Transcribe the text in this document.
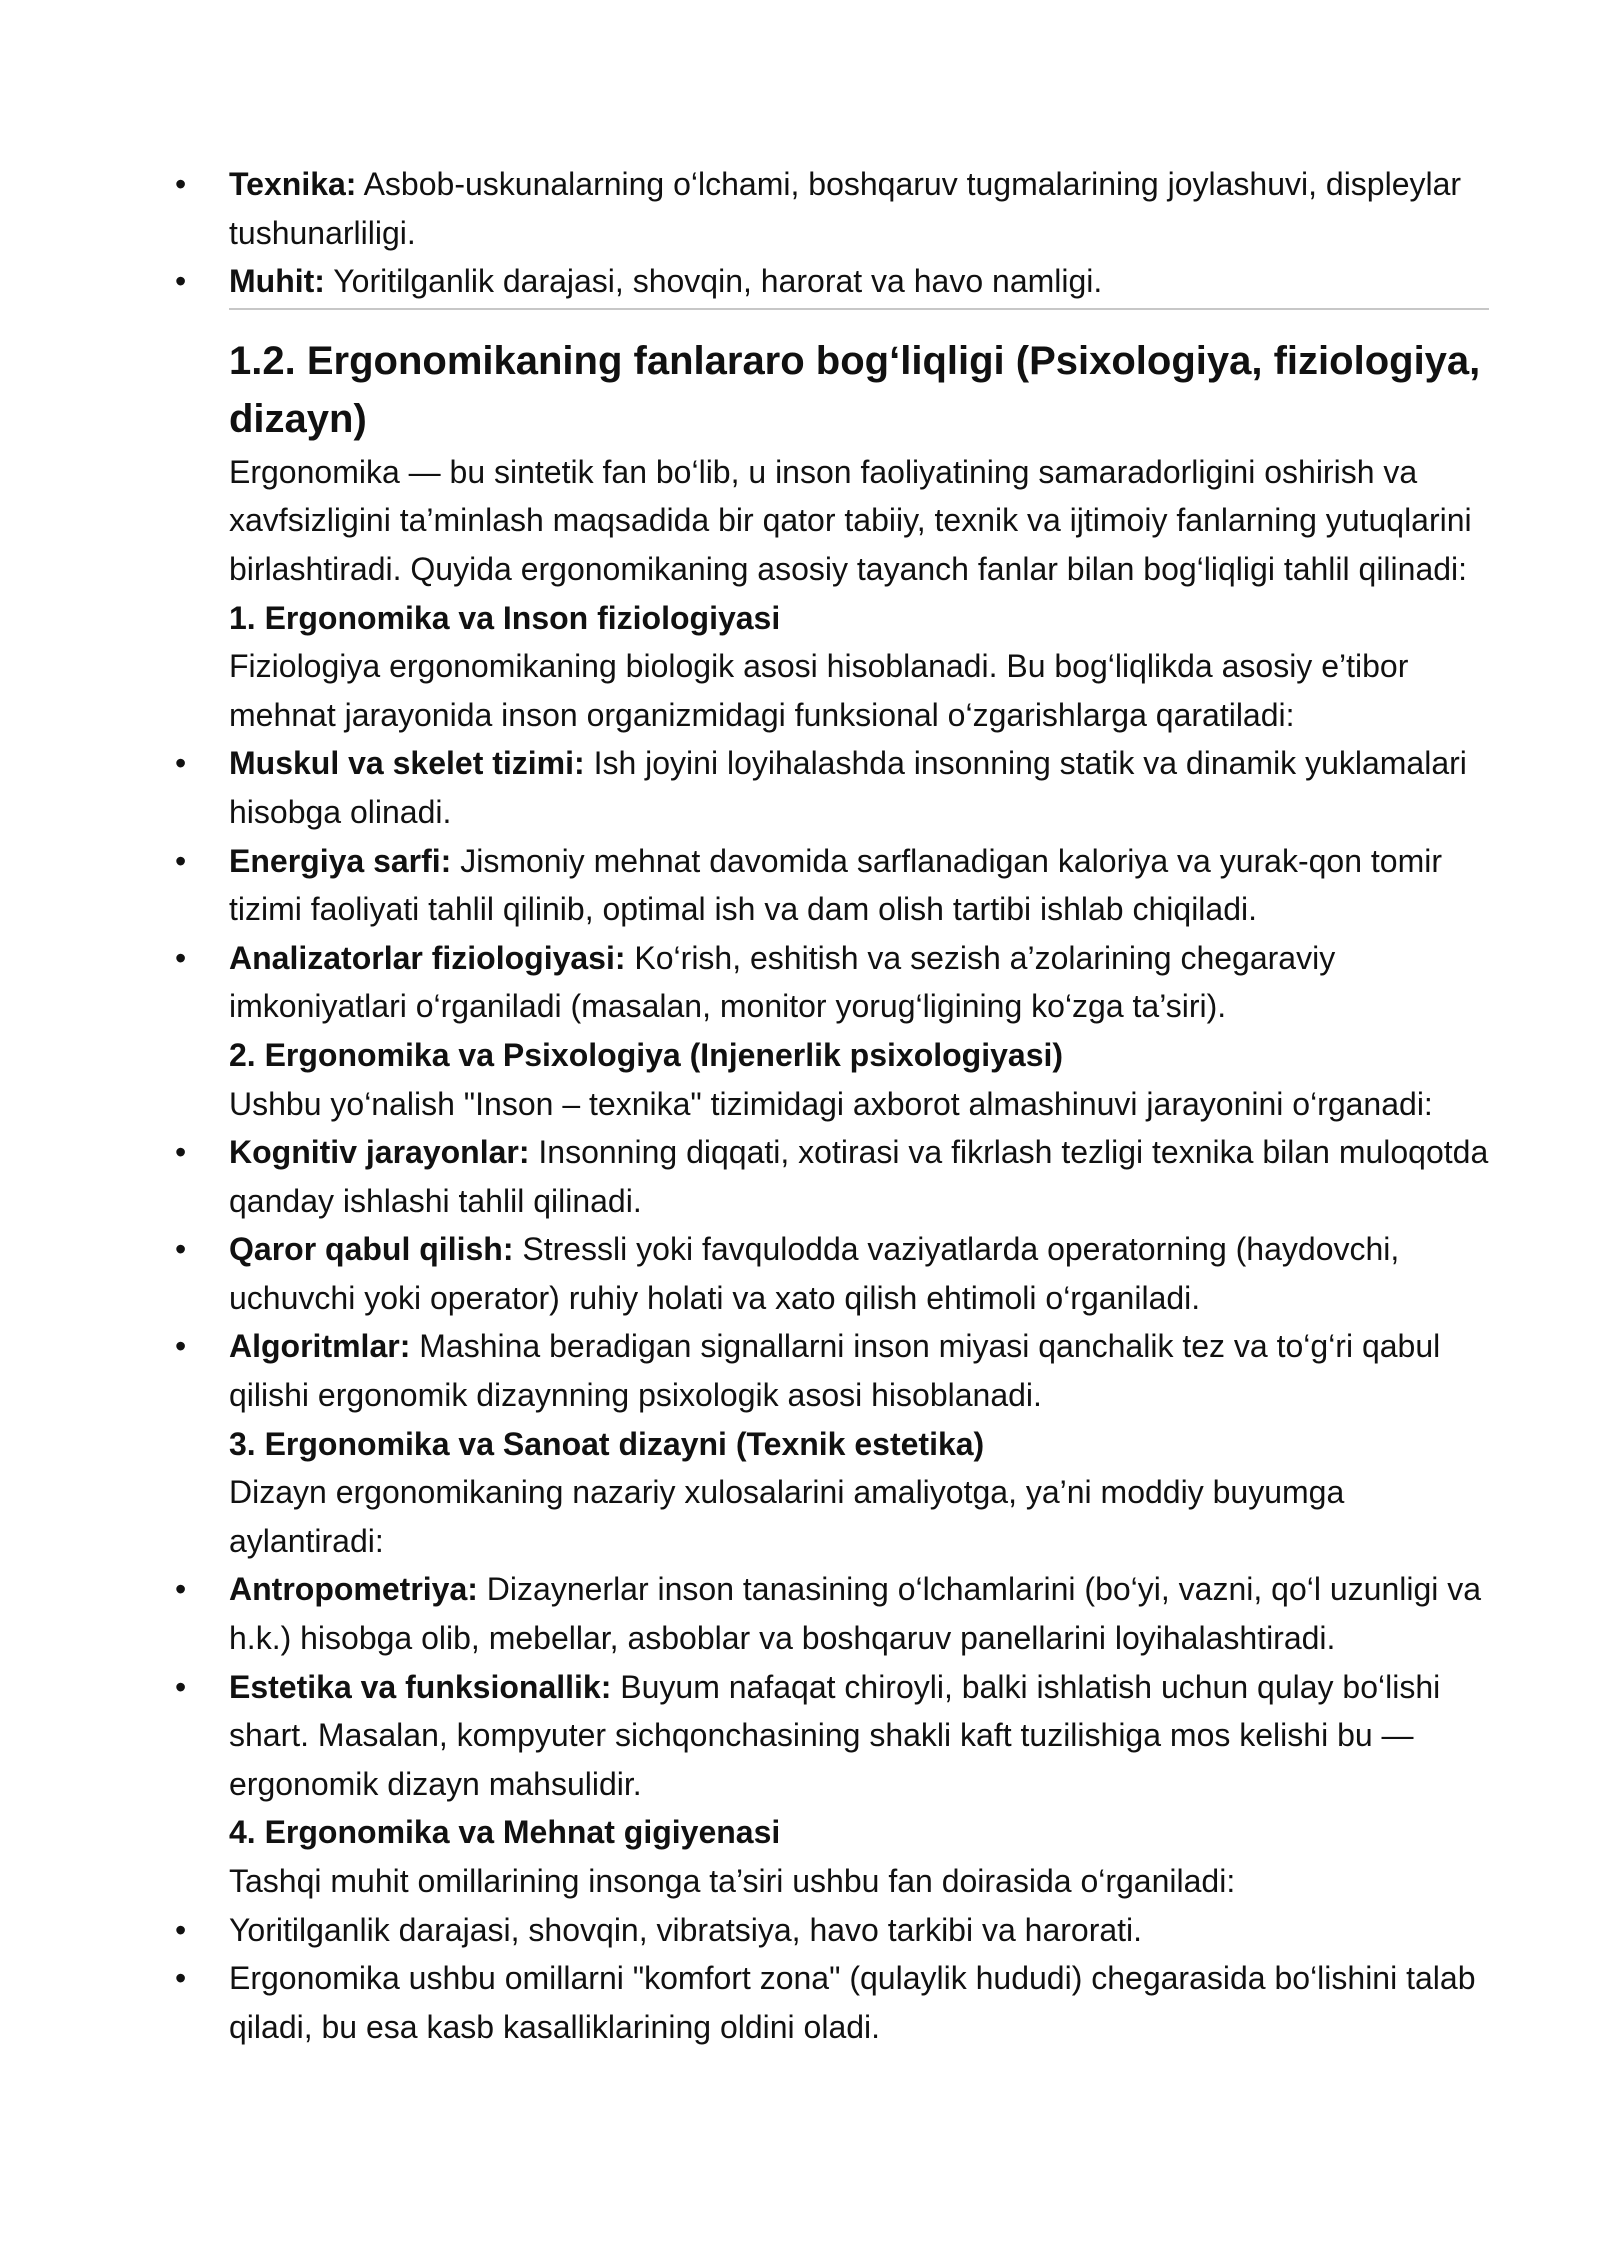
• Texnika: Asbob-uskunalarning o‘lchami, boshqaruv tugmalarining joylashuvi, displeylar tushunarliligi.
• Muhit: Yoritilganlik darajasi, shovqin, harorat va havo namligi.
1.2. Ergonomikaning fanlararo bog‘liqligi (Psixologiya, fiziologiya, dizayn)

Ergonomika — bu sintetik fan bo‘lib, u inson faoliyatining samaradorligini oshirish va xavfsizligini ta’minlash maqsadida bir qator tabiiy, texnik va ijtimoiy fanlarning yutuqlarini birlashtiradi. Quyida ergonomikaning asosiy tayanch fanlar bilan bog‘liqligi tahlil qilinadi:

1. Ergonomika va Inson fiziologiyasi

Fiziologiya ergonomikaning biologik asosi hisoblanadi. Bu bog‘liqlikda asosiy e’tibor mehnat jarayonida inson organizmidagi funksional o‘zgarishlarga qaratiladi:

• Muskul va skelet tizimi: Ish joyini loyihalashda insonning statik va dinamik yuklamalari hisobga olinadi.
• Energiya sarfi: Jismoniy mehnat davomida sarflanadigan kaloriya va yurak-qon tomir tizimi faoliyati tahlil qilinib, optimal ish va dam olish tartibi ishlab chiqiladi.
• Analizatorlar fiziologiyasi: Ko‘rish, eshitish va sezish a’zolarining chegaraviy imkoniyatlari o‘rganiladi (masalan, monitor yorug‘ligining ko‘zga ta’siri).
2. Ergonomika va Psixologiya (Injenerlik psixologiyasi)

Ushbu yo‘nalish "Inson – texnika" tizimidagi axborot almashinuvi jarayonini o‘rganadi:

• Kognitiv jarayonlar: Insonning diqqati, xotirasi va fikrlash tezligi texnika bilan muloqotda qanday ishlashi tahlil qilinadi.
• Qaror qabul qilish: Stressli yoki favqulodda vaziyatlarda operatorning (haydovchi, uchuvchi yoki operator) ruhiy holati va xato qilish ehtimoli o‘rganiladi.
• Algoritmlar: Mashina beradigan signallarni inson miyasi qanchalik tez va to‘g‘ri qabul qilishi ergonomik dizaynning psixologik asosi hisoblanadi.
3. Ergonomika va Sanoat dizayni (Texnik estetika)

Dizayn ergonomikaning nazariy xulosalarini amaliyotga, ya’ni moddiy buyumga aylantiradi:

• Antropometriya: Dizaynerlar inson tanasining o‘lchamlarini (bo‘yi, vazni, qo‘l uzunligi va h.k.) hisobga olib, mebellar, asboblar va boshqaruv panellarini loyihalashtiradi.
• Estetika va funksionallik: Buyum nafaqat chiroyli, balki ishlatish uchun qulay bo‘lishi shart. Masalan, kompyuter sichqonchasining shakli kaft tuzilishiga mos kelishi bu — ergonomik dizayn mahsulidir.
4. Ergonomika va Mehnat gigiyenasi

Tashqi muhit omillarining insonga ta’siri ushbu fan doirasida o‘rganiladi:

• Yoritilganlik darajasi, shovqin, vibratsiya, havo tarkibi va harorati.
• Ergonomika ushbu omillarni "komfort zona" (qulaylik hududi) chegarasida bo‘lishini talab qiladi, bu esa kasb kasalliklarining oldini oladi.
